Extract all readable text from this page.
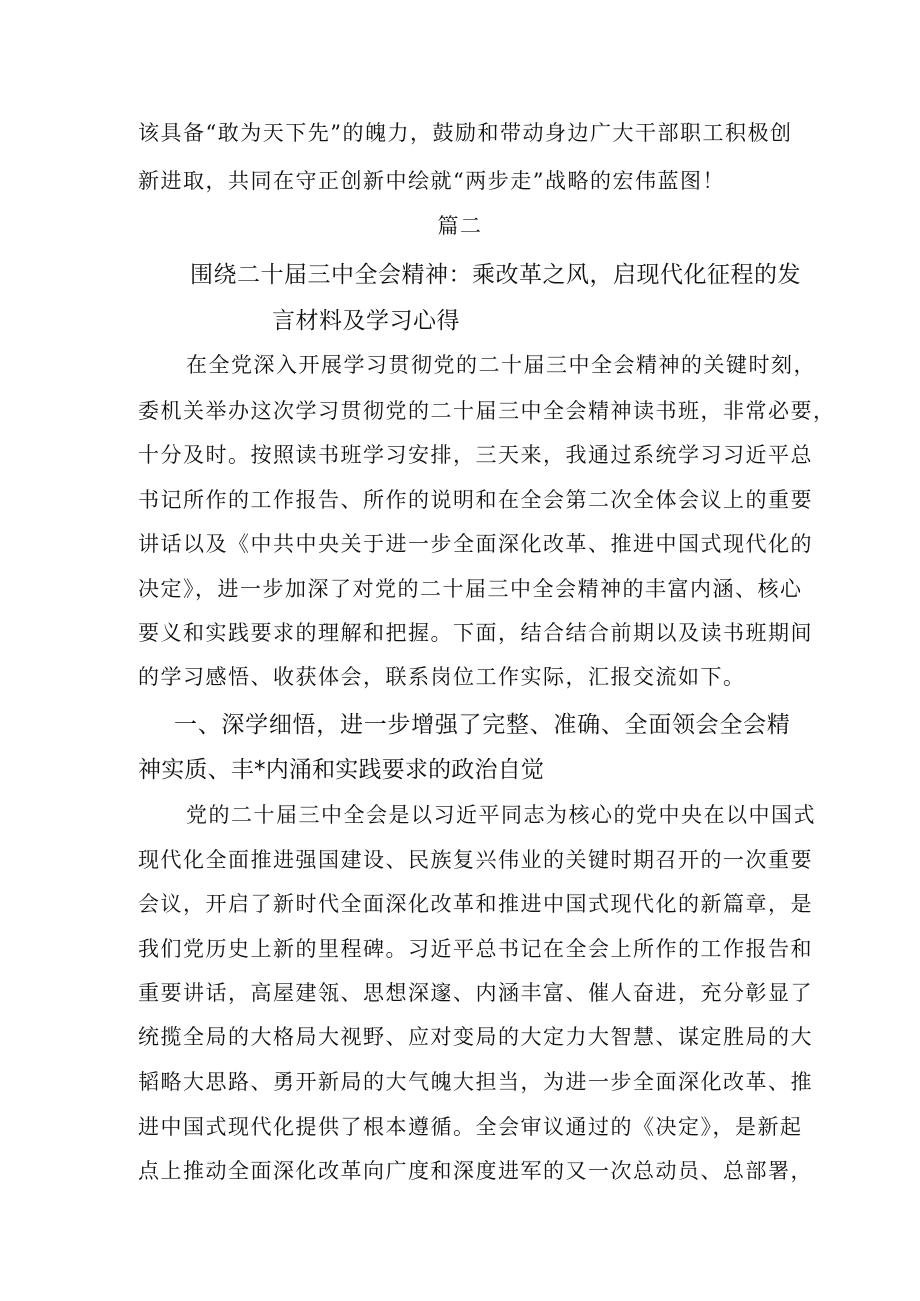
该具备“敢为天下先”的魄力，鼓励和带动身边广大干部职工积极创
新进取，共同在守正创新中绘就“两步走”战略的宏伟蓝图！
篇二
围绕二十届三中全会精神：乘改革之风，启现代化征程的发
言材料及学习心得
在全党深入开展学习贯彻党的二十届三中全会精神的关键时刻，
委机关举办这次学习贯彻党的二十届三中全会精神读书班，非常必要，
十分及时。按照读书班学习安排，三天来，我通过系统学习习近平总
书记所作的工作报告、所作的说明和在全会第二次全体会议上的重要
讲话以及《中共中央关于进一步全面深化改革、推进中国式现代化的
决定》，进一步加深了对党的二十届三中全会精神的丰富内涵、核心
要义和实践要求的理解和把握。下面，结合结合前期以及读书班期间
的学习感悟、收获体会，联系岗位工作实际，汇报交流如下。
一、深学细悟，进一步增强了完整、准确、全面领会全会精
神实质、丰*内涌和实践要求的政治自觉
党的二十届三中全会是以习近平同志为核心的党中央在以中国式
现代化全面推进强国建设、民族复兴伟业的关键时期召开的一次重要
会议，开启了新时代全面深化改革和推进中国式现代化的新篇章，是
我们党历史上新的里程碑。习近平总书记在全会上所作的工作报告和
重要讲话，高屋建瓴、思想深邃、内涵丰富、催人奋进，充分彰显了
统揽全局的大格局大视野、应对变局的大定力大智慧、谋定胜局的大
韬略大思路、勇开新局的大气魄大担当，为进一步全面深化改革、推
进中国式现代化提供了根本遵循。全会审议通过的《决定》，是新起
点上推动全面深化改革向广度和深度进军的又一次总动员、总部署，
